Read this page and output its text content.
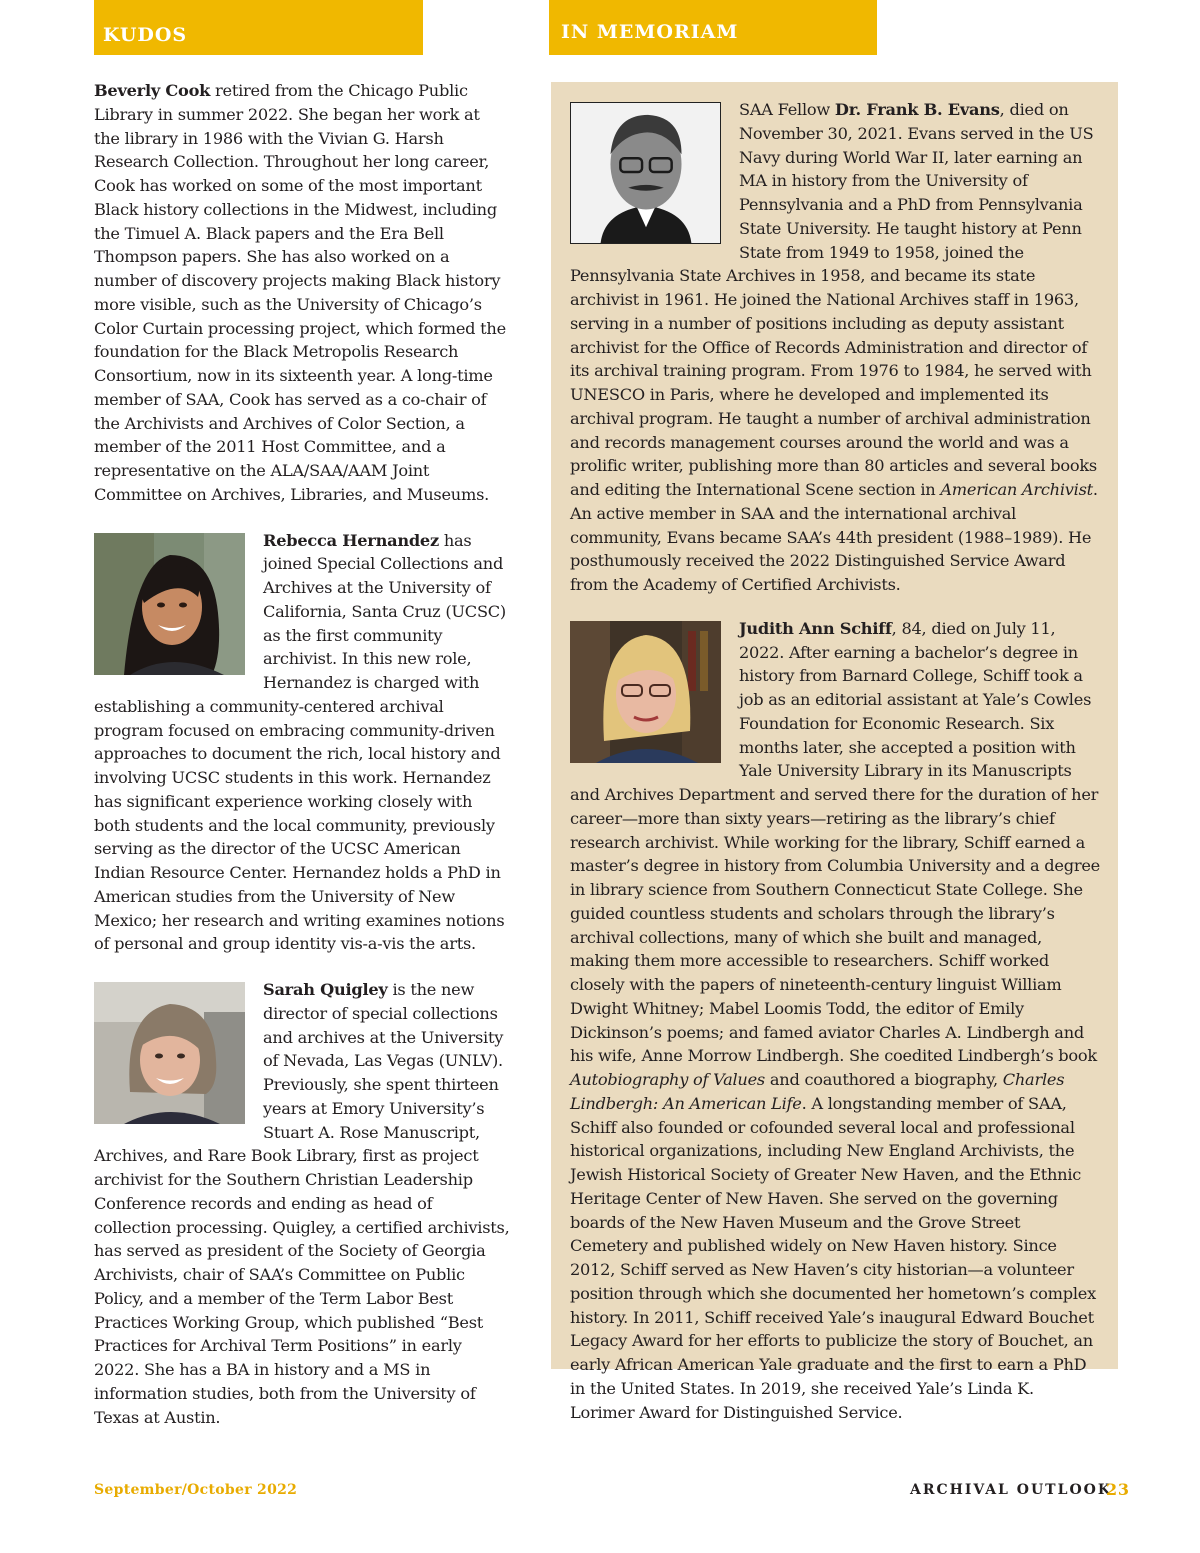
KUDOS	IN MEMORIAM

Beverly Cook retired from the Chicago Public Library in summer 2022. She began her work at the library in 1986 with the Vivian G. Harsh Research Collection. Throughout her long career, Cook has worked on some of the most important Black history collections in the Midwest, including the Timuel A. Black papers and the Era Bell Thompson papers. She has also worked on a number of discovery projects making Black history more visible, such as the University of Chicago’s Color Curtain processing project, which formed the foundation for the Black Metropolis Research Consortium, now in its sixteenth year. A long-time member of SAA, Cook has served as a co-chair of the Archivists and Archives of Color Section, a member of the 2011 Host Committee, and a representative on the ALA/SAA/AAM Joint Committee on Archives, Libraries, and Museums.

Rebecca Hernandez has joined Special Collections and Archives at the University of California, Santa Cruz (UCSC) as the first community archivist. In this new role, Hernandez is charged with establishing a community-centered archival program focused on embracing community-driven approaches to document the rich, local history and involving UCSC students in this work. Hernandez has significant experience working closely with both students and the local community, previously serving as the director of the UCSC American Indian Resource Center. Hernandez holds a PhD in American studies from the University of New Mexico; her research and writing examines notions of personal and group identity vis-a-vis the arts.

Sarah Quigley is the new director of special collections and archives at the University of Nevada, Las Vegas (UNLV). Previously, she spent thirteen years at Emory University’s Stuart A. Rose Manuscript, Archives, and Rare Book Library, first as project archivist for the Southern Christian Leadership Conference records and ending as head of collection processing. Quigley, a certified archivists, has served as president of the Society of Georgia Archivists, chair of SAA’s Committee on Public Policy, and a member of the Term Labor Best Practices Working Group, which published “Best Practices for Archival Term Positions” in early 2022. She has a BA in history and a MS in information studies, both from the University of Texas at Austin.

SAA Fellow Dr. Frank B. Evans, died on November 30, 2021. Evans served in the US Navy during World War II, later earning an MA in history from the University of Pennsylvania and a PhD from Pennsylvania State University. He taught history at Penn State from 1949 to 1958, joined the Pennsylvania State Archives in 1958, and became its state archivist in 1961. He joined the National Archives staff in 1963, serving in a number of positions including as deputy assistant archivist for the Office of Records Administration and director of its archival training program. From 1976 to 1984, he served with UNESCO in Paris, where he developed and implemented its archival program. He taught a number of archival administration and records management courses around the world and was a prolific writer, publishing more than 80 articles and several books and editing the International Scene section in American Archivist. An active member in SAA and the international archival community, Evans became SAA’s 44th president (1988–1989). He posthumously received the 2022 Distinguished Service Award from the Academy of Certified Archivists.

Judith Ann Schiff, 84, died on July 11, 2022. After earning a bachelor’s degree in history from Barnard College, Schiff took a job as an editorial assistant at Yale’s Cowles Foundation for Economic Research. Six months later, she accepted a position with Yale University Library in its Manuscripts and Archives Department and served there for the duration of her career—more than sixty years—retiring as the library’s chief research archivist. While working for the library, Schiff earned a master’s degree in history from Columbia University and a degree in library science from Southern Connecticut State College. She guided countless students and scholars through the library’s archival collections, many of which she built and managed, making them more accessible to researchers. Schiff worked closely with the papers of nineteenth-century linguist William Dwight Whitney; Mabel Loomis Todd, the editor of Emily Dickinson’s poems; and famed aviator Charles A. Lindbergh and his wife, Anne Morrow Lindbergh. She coedited Lindbergh’s book Autobiography of Values and coauthored a biography, Charles Lindbergh: An American Life. A longstanding member of SAA, Schiff also founded or cofounded several local and professional historical organizations, including New England Archivists, the Jewish Historical Society of Greater New Haven, and the Ethnic Heritage Center of New Haven. She served on the governing boards of the New Haven Museum and the Grove Street Cemetery and published widely on New Haven history. Since 2012, Schiff served as New Haven’s city historian—a volunteer position through which she documented her hometown’s complex history. In 2011, Schiff received Yale’s inaugural Edward Bouchet Legacy Award for her efforts to publicize the story of Bouchet, an early African American Yale graduate and the first to earn a PhD in the United States. In 2019, she received Yale’s Linda K. Lorimer Award for Distinguished Service.

September/October 2022	ARCHIVAL OUTLOOK
23
